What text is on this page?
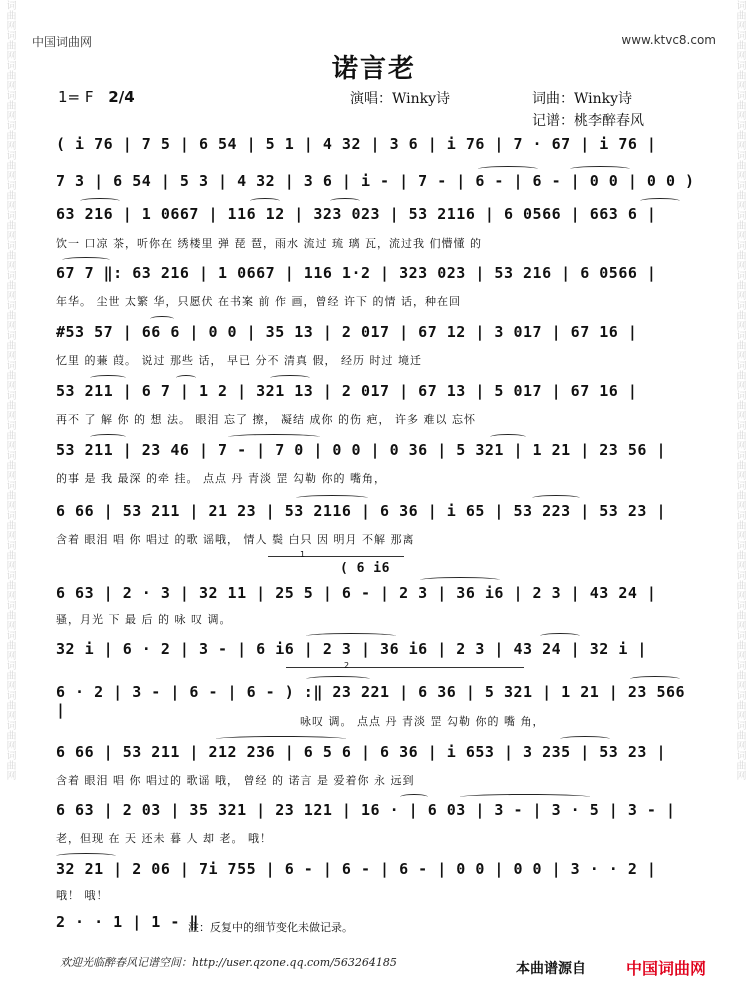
词曲网词曲网词曲网词曲网词曲网词曲网词曲网词曲网词曲网词曲网词曲网词曲网词曲网词曲网词曲网词曲网词曲网词曲网词曲网词曲网词曲网词曲网词曲网词曲网词曲网词曲网	词曲网词曲网词曲网词曲网词曲网词曲网词曲网词曲网词曲网词曲网词曲网词曲网词曲网词曲网词曲网词曲网词曲网词曲网词曲网词曲网词曲网词曲网词曲网词曲网词曲网词曲网
中国词曲网	www.ktvc8.com
诺言老
1= F 2/4	演唱：Winky诗	词曲：Winky诗
记谱：桃李醉春风
( i 76 | 7 5 | 6 54 | 5 1 | 4 32 | 3 6 | i 76 | 7 · 67 | i 76 |
7 3 | 6 54 | 5 3 | 4 32 | 3 6 | i - | 7 - | 6 - | 6 - | 0 0 | 0 0 )
63 216 | 1 0667 | 116 12 | 323 023 | 53 2116 | 6 0566 | 663 6 |
饮一 口凉 茶，听你在 绣楼里 弹 琵 琶，雨水 流过 琉 璃 瓦，流过我 们懵懂 的
67 7 ‖: 63 216 | 1 0667 | 116 1·2 | 323 023 | 53 216 | 6 0566 |
年华。 尘世 太繁 华，只愿伏 在书案 前 作 画，曾经 许下 的情 话，种在回
#53 57 | 66 6 | 0 0 | 35 13 | 2 017 | 67 12 | 3 017 | 67 16 |
忆里 的蒹 葭。 说过 那些 话， 早已 分不 清真 假， 经历 时过 境迁
53 211 | 6 7 | 1 2 | 321 13 | 2 017 | 67 13 | 5 017 | 67 16 |
再不 了 解 你 的 想 法。 眼泪 忘了 擦， 凝结 成你 的伤 疤， 许多 难以 忘怀
53 211 | 23 46 | 7 - | 7 0 | 0 0 | 0 36 | 5 321 | 1 21 | 23 56 |
的事 是 我 最深 的牵 挂。 点点 丹 青淡 罡 勾勒 你的 嘴角，
6 66 | 53 211 | 21 23 | 53 2116 | 6 36 | i 65 | 53 223 | 53 23 |
含着 眼泪 唱 你 唱过 的歌 谣哦， 情人 鬓 白只 因 明月 不解 那离
1
( 6 i6
6 63 | 2 · 3 | 32 11 | 25 5 | 6 - | 2 3 | 36 i6 | 2 3 | 43 24 |
骚，月光 下 最 后 的 咏 叹 调。
32 i | 6 · 2 | 3 - | 6 i6 | 2 3 | 36 i6 | 2 3 | 43 24 | 32 i |
2
6 · 2 | 3 - | 6 - | 6 - ) :‖ 23 221 | 6 36 | 5 321 | 1 21 | 23 566 |
咏叹 调。 点点 丹 青淡 罡 勾勒 你的 嘴 角，
6 66 | 53 211 | 212 236 | 6 5 6 | 6 36 | i 653 | 3 235 | 53 23 |
含着 眼泪 唱 你 唱过的 歌谣 哦， 曾经 的 诺言 是 爱着你 永 远到
6 63 | 2 03 | 35 321 | 23 121 | 16 · | 6 03 | 3 - | 3 · 5 | 3 - |
老，但现 在 天 还未 暮 人 却 老。 哦！
32 21 | 2 06 | 7i 755 | 6 - | 6 - | 6 - | 0 0 | 0 0 | 3 · · 2 |
哦！ 哦！
2 · · 1 | 1 - ‖
注：反复中的细节变化未做记录。
欢迎光临醉春风记谱空间：http://user.qzone.qq.com/563264185	本曲谱源自	中国词曲网
